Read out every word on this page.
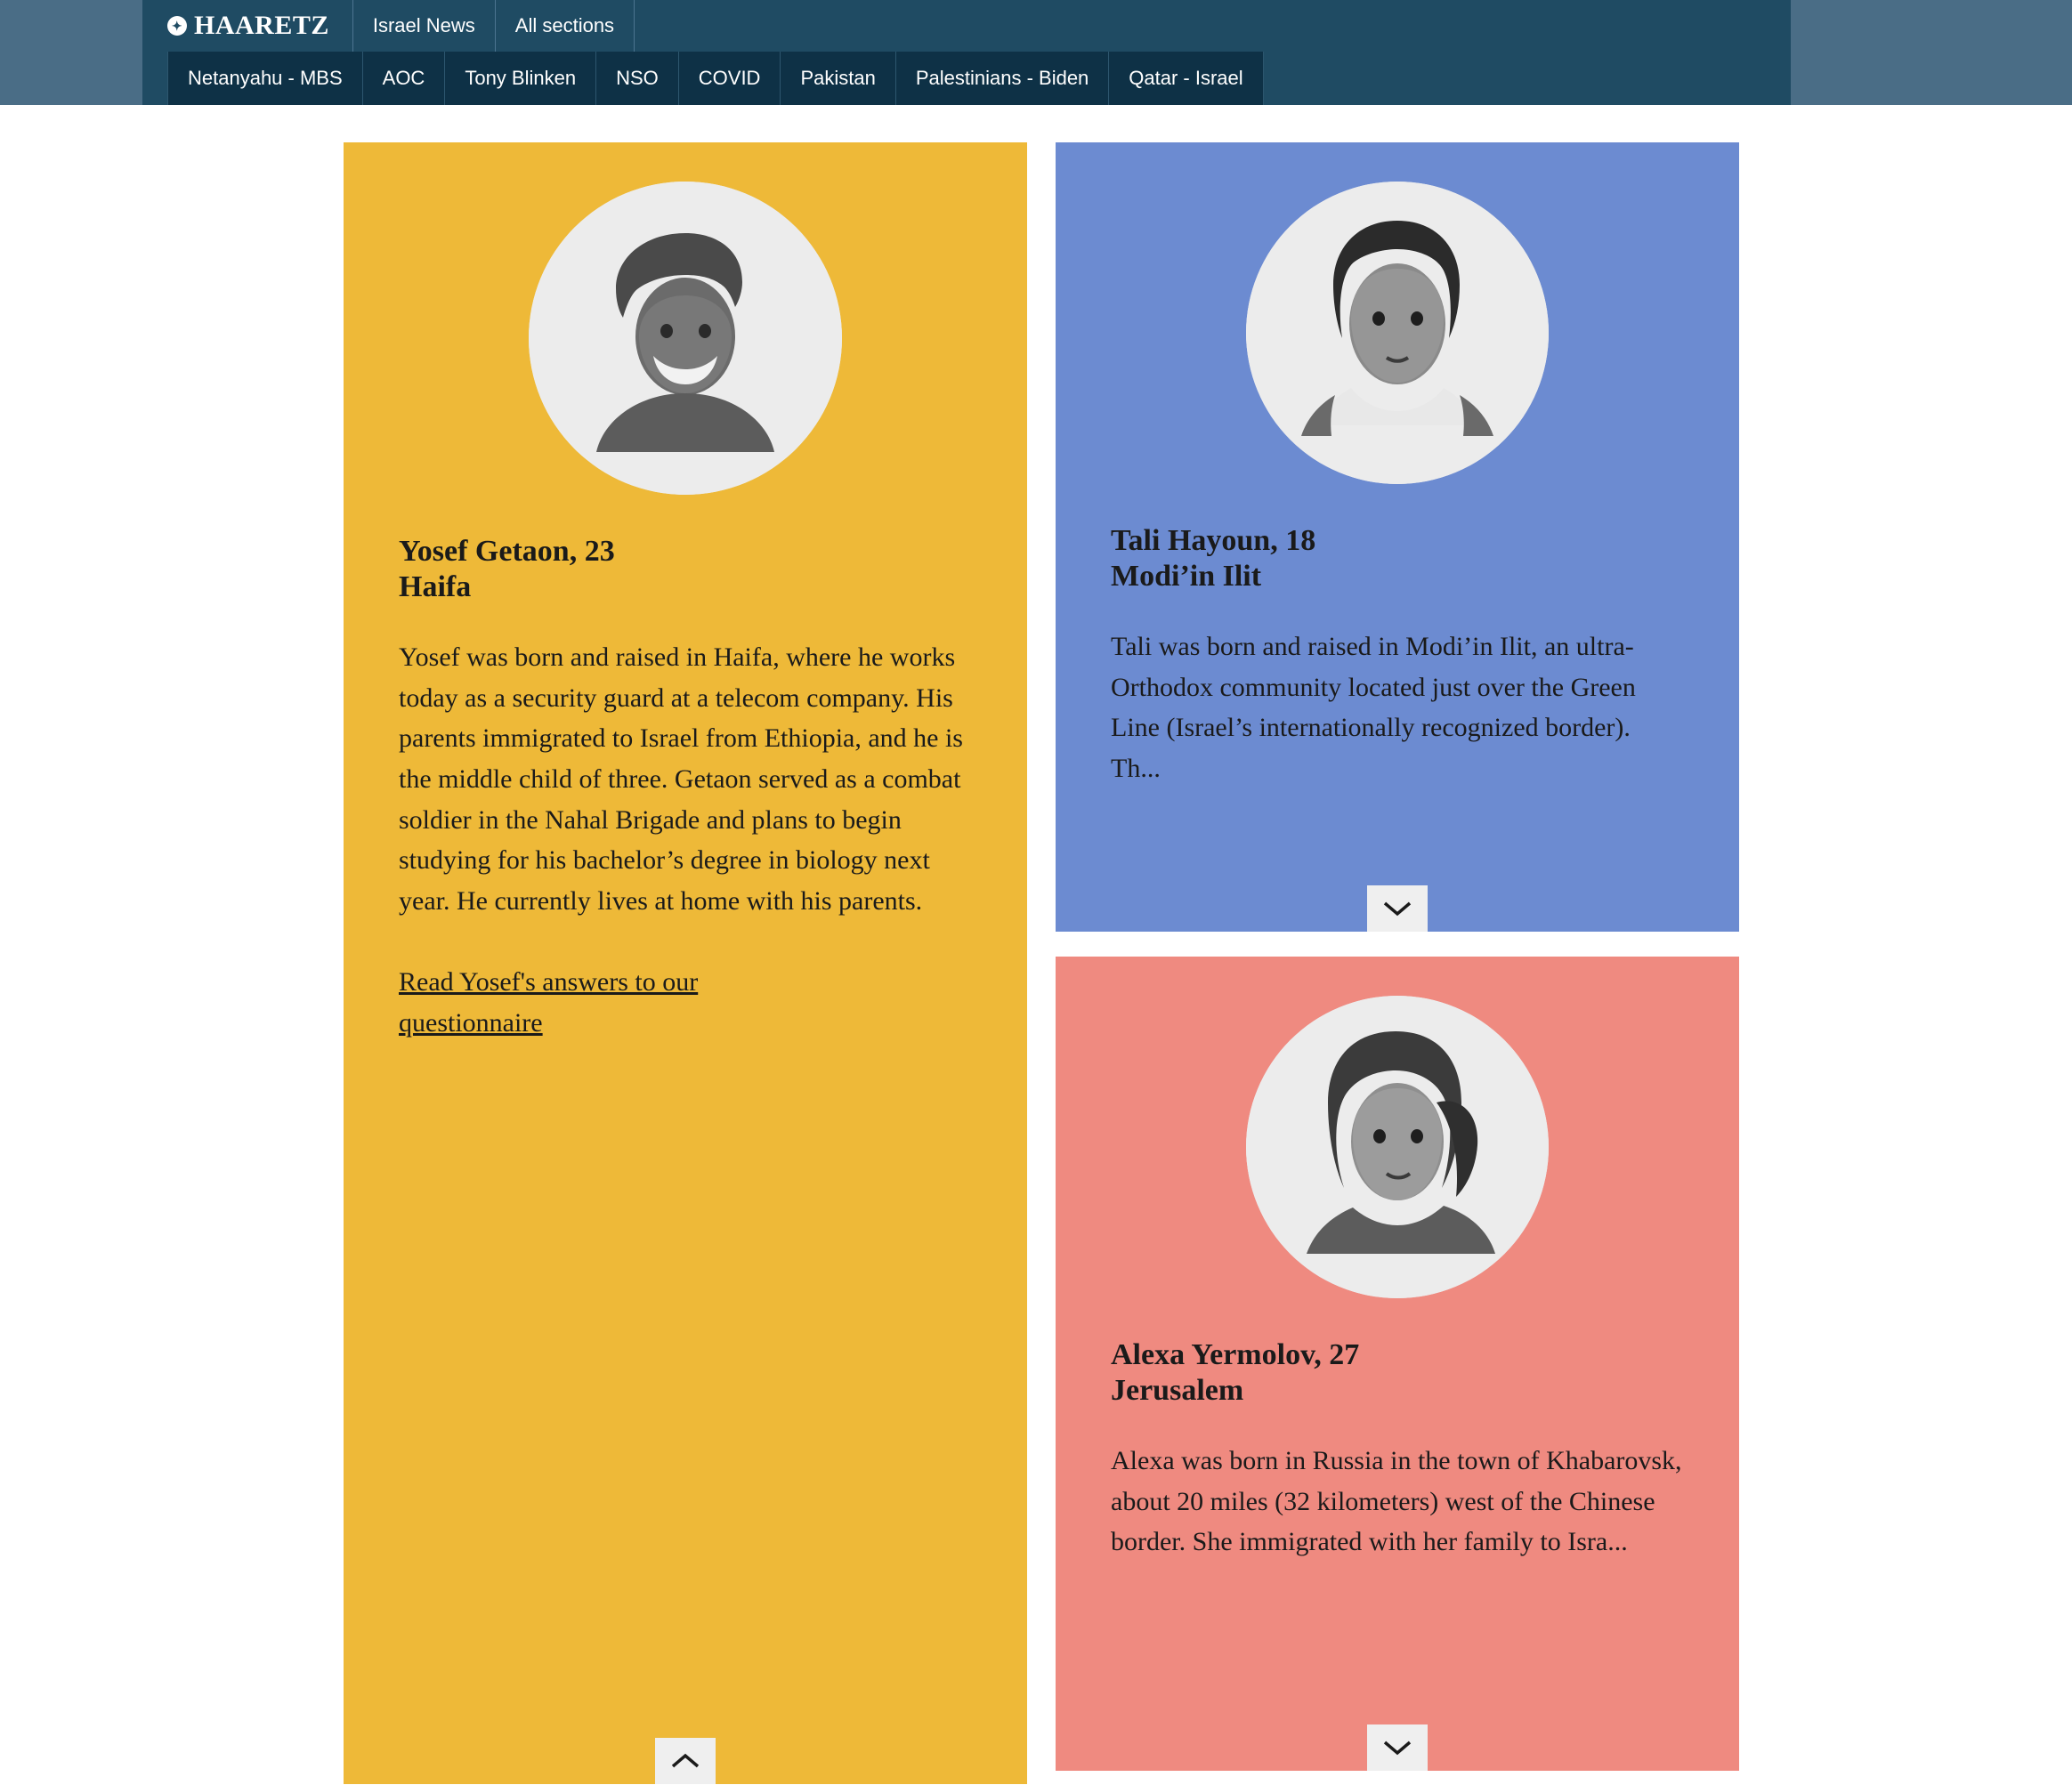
✦ HAARETZ	Israel News	All sections
Netanyahu - MBS	AOC	Tony Blinken	NSO	COVID	Pakistan	Palestinians - Biden	Qatar - Israel
Yosef Getaon, 23
Haifa
Yosef was born and raised in Haifa, where he works today as a security guard at a telecom company. His parents immigrated to Israel from Ethiopia, and he is the middle child of three. Getaon served as a combat soldier in the Nahal Brigade and plans to begin studying for his bachelor’s degree in biology next year. He currently lives at home with his parents.
Read Yosef's answers to our questionnaire
Tali Hayoun, 18
Modi’in Ilit
Tali was born and raised in Modi’in Ilit, an ultra-Orthodox community located just over the Green Line (Israel’s internationally recognized border). Th...
Alexa Yermolov, 27
Jerusalem
Alexa was born in Russia in the town of Khabarovsk, about 20 miles (32 kilometers) west of the Chinese border. She immigrated with her family to Isra...
